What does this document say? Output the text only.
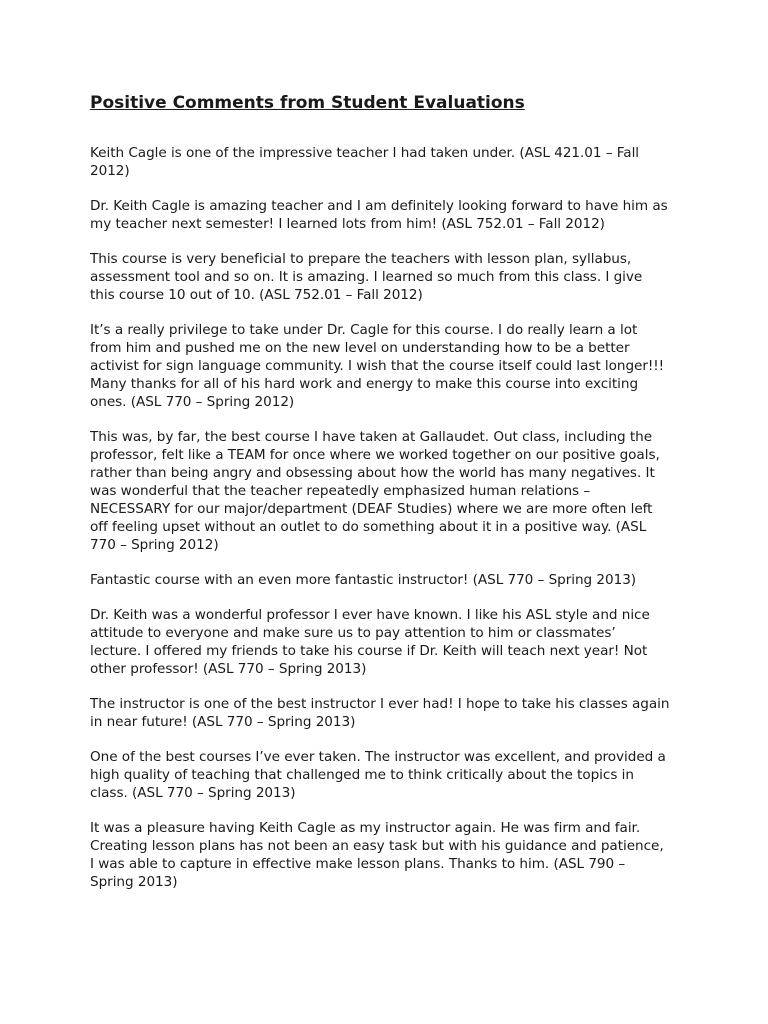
Positive Comments from Student Evaluations

Keith Cagle is one of the impressive teacher I had taken under. (ASL 421.01 – Fall 2012)

Dr. Keith Cagle is amazing teacher and I am definitely looking forward to have him as my teacher next semester! I learned lots from him! (ASL 752.01 – Fall 2012)

This course is very beneficial to prepare the teachers with lesson plan, syllabus, assessment tool and so on. It is amazing. I learned so much from this class. I give this course 10 out of 10. (ASL 752.01 – Fall 2012)

It’s a really privilege to take under Dr. Cagle for this course. I do really learn a lot from him and pushed me on the new level on understanding how to be a better activist for sign language community. I wish that the course itself could last longer!!! Many thanks for all of his hard work and energy to make this course into exciting ones. (ASL 770 – Spring 2012)

This was, by far, the best course I have taken at Gallaudet. Out class, including the professor, felt like a TEAM for once where we worked together on our positive goals, rather than being angry and obsessing about how the world has many negatives. It was wonderful that the teacher repeatedly emphasized human relations – NECESSARY for our major/department (DEAF Studies) where we are more often left off feeling upset without an outlet to do something about it in a positive way. (ASL 770 – Spring 2012)

Fantastic course with an even more fantastic instructor! (ASL 770 – Spring 2013)

Dr. Keith was a wonderful professor I ever have known. I like his ASL style and nice attitude to everyone and make sure us to pay attention to him or classmates’ lecture. I offered my friends to take his course if Dr. Keith will teach next year! Not other professor! (ASL 770 – Spring 2013)

The instructor is one of the best instructor I ever had! I hope to take his classes again in near future! (ASL 770 – Spring 2013)

One of the best courses I’ve ever taken. The instructor was excellent, and provided a high quality of teaching that challenged me to think critically about the topics in class. (ASL 770 – Spring 2013)

It was a pleasure having Keith Cagle as my instructor again. He was firm and fair. Creating lesson plans has not been an easy task but with his guidance and patience, I was able to capture in effective make lesson plans. Thanks to him. (ASL 790 – Spring 2013)
